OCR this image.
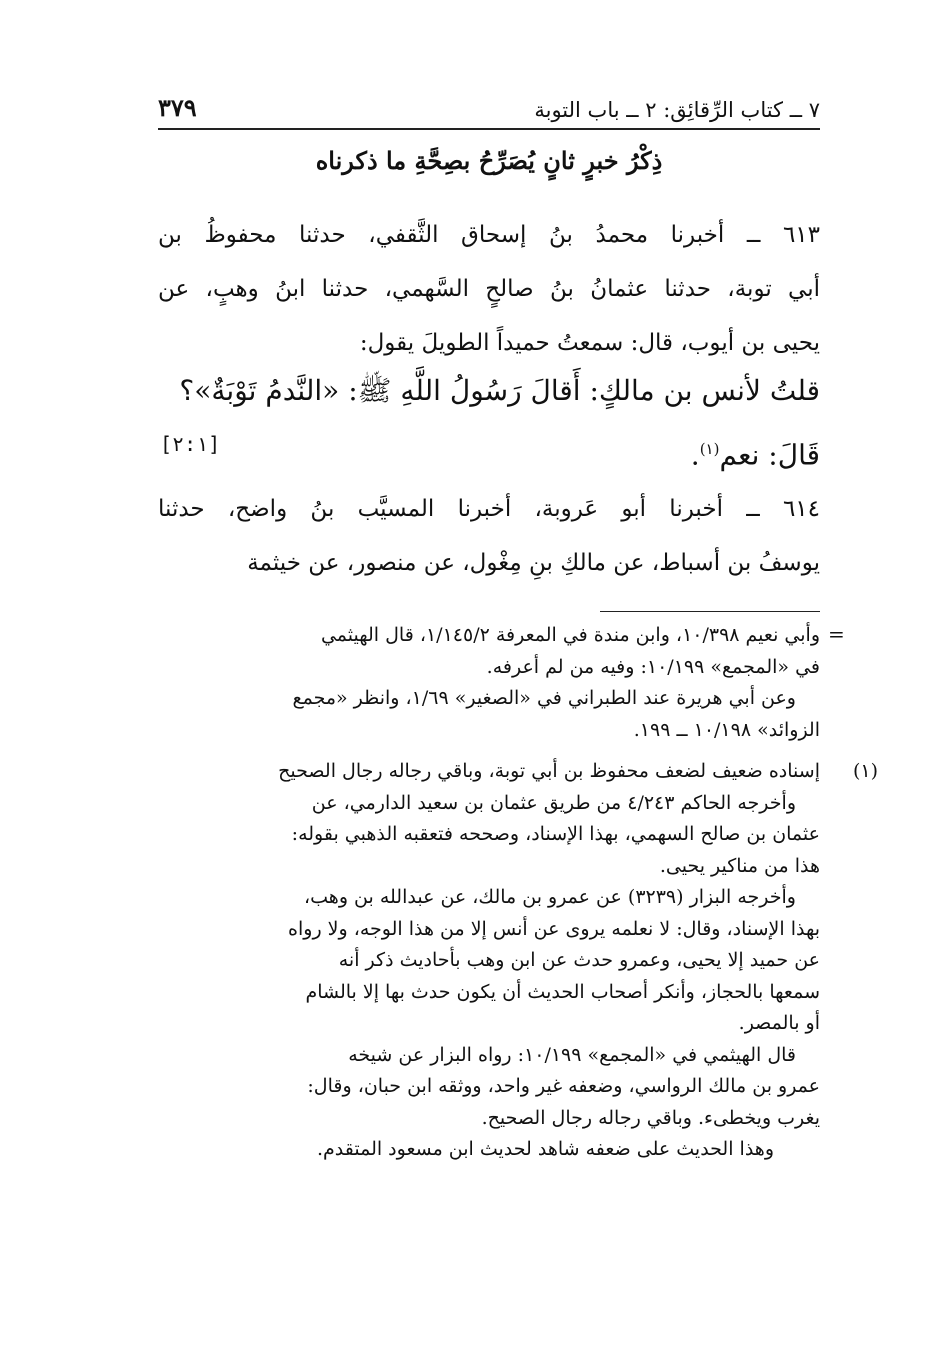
٧ ــ كتاب الرِّقائِق: ٢ ــ باب التوبة
٣٧٩
ذِكْرُ خبرٍ ثانٍ يُصَرِّحُ بصِحَّةِ ما ذكرناه
٦١٣ ــ أخبرنا محمدُ بنُ إسحاق الثَّقفي، حدثنا محفوظُ بن
أبي توبة، حدثنا عثمانُ بنُ صالحٍ السَّهمي، حدثنا ابنُ وهبٍ، عن
يحيى بن أيوب، قال: سمعتُ حميداً الطويلَ يقول:
قلتُ لأنس بن مالكٍ: أَقالَ رَسُولُ اللَّهِ ﷺ: «النَّدمُ تَوْبَةٌ»؟
قَالَ: نعم$^{(١)}$.
[٢:١]
٦١٤ ــ أخبرنا أبو عَروبة، أخبرنا المسيَّب بنُ واضح، حدثنا
يوسفُ بن أسباط، عن مالكِ بنِ مِغْول، عن منصور، عن خيثمة
=
وأبي نعيم ١٠/٣٩٨، وابن مندة في المعرفة ١/١٤٥/٢، قال الهيثمي
في «المجمع» ١٠/١٩٩: وفيه من لم أعرفه.
وعن أبي هريرة عند الطبراني في «الصغير» ١/٦٩، وانظر «مجمع
الزوائد» ١٠/١٩٨ ــ ١٩٩.
(١)
إسناده ضعيف لضعف محفوظ بن أبي توبة، وباقي رجاله رجال الصحيح
وأخرجه الحاكم ٤/٢٤٣ من طريق عثمان بن سعيد الدارمي، عن
عثمان بن صالح السهمي، بهذا الإسناد، وصححه فتعقبه الذهبي بقوله:
هذا من مناكير يحيى.
وأخرجه البزار (٣٢٣٩) عن عمرو بن مالك، عن عبدالله بن وهب،
بهذا الإسناد، وقال: لا نعلمه يروى عن أنس إلا من هذا الوجه، ولا رواه
عن حميد إلا يحيى، وعمرو حدث عن ابن وهب بأحاديث ذكر أنه
سمعها بالحجاز، وأنكر أصحاب الحديث أن يكون حدث بها إلا بالشام
أو بالمصر.
قال الهيثمي في «المجمع» ١٠/١٩٩: رواه البزار عن شيخه
عمرو بن مالك الرواسي، وضعفه غير واحد، ووثقه ابن حبان، وقال:
يغرب ويخطىء. وباقي رجاله رجال الصحيح.
وهذا الحديث على ضعفه شاهد لحديث ابن مسعود المتقدم.
